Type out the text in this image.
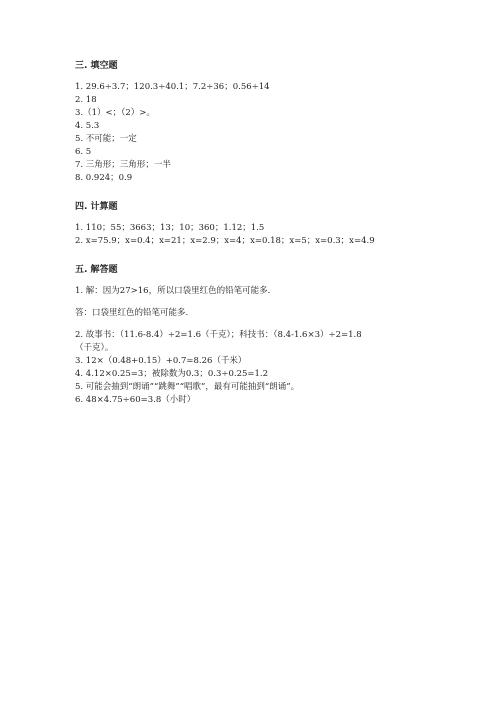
三. 填空题
1. 29.6÷3.7；120.3÷40.1；7.2÷36；0.56÷14
2. 18
3.（1）<；（2）>。
4. 5.3
5. 不可能；一定
6. 5
7. 三角形；三角形；一半
8. 0.924；0.9
四. 计算题
1. 110；55；3663；13；10；360；1.12；1.5
2. x=75.9；x=0.4；x=21；x=2.9；x=4；x=0.18；x=5；x=0.3；x=4.9
五. 解答题
1. 解：因为27>16，所以口袋里红色的铅笔可能多.
答：口袋里红色的铅笔可能多.
2. 故事书：（11.6-8.4）÷2=1.6（千克）；科技书：（8.4-1.6×3）÷2=1.8
（千克）。
3. 12×（0.48+0.15）+0.7=8.26（千米）
4. 4.12×0.25=3；被除数为0.3；0.3÷0.25=1.2
5. 可能会抽到“朗诵”“跳舞”“唱歌”，最有可能抽到“朗诵”。
6. 48×4.75÷60=3.8（小时）
